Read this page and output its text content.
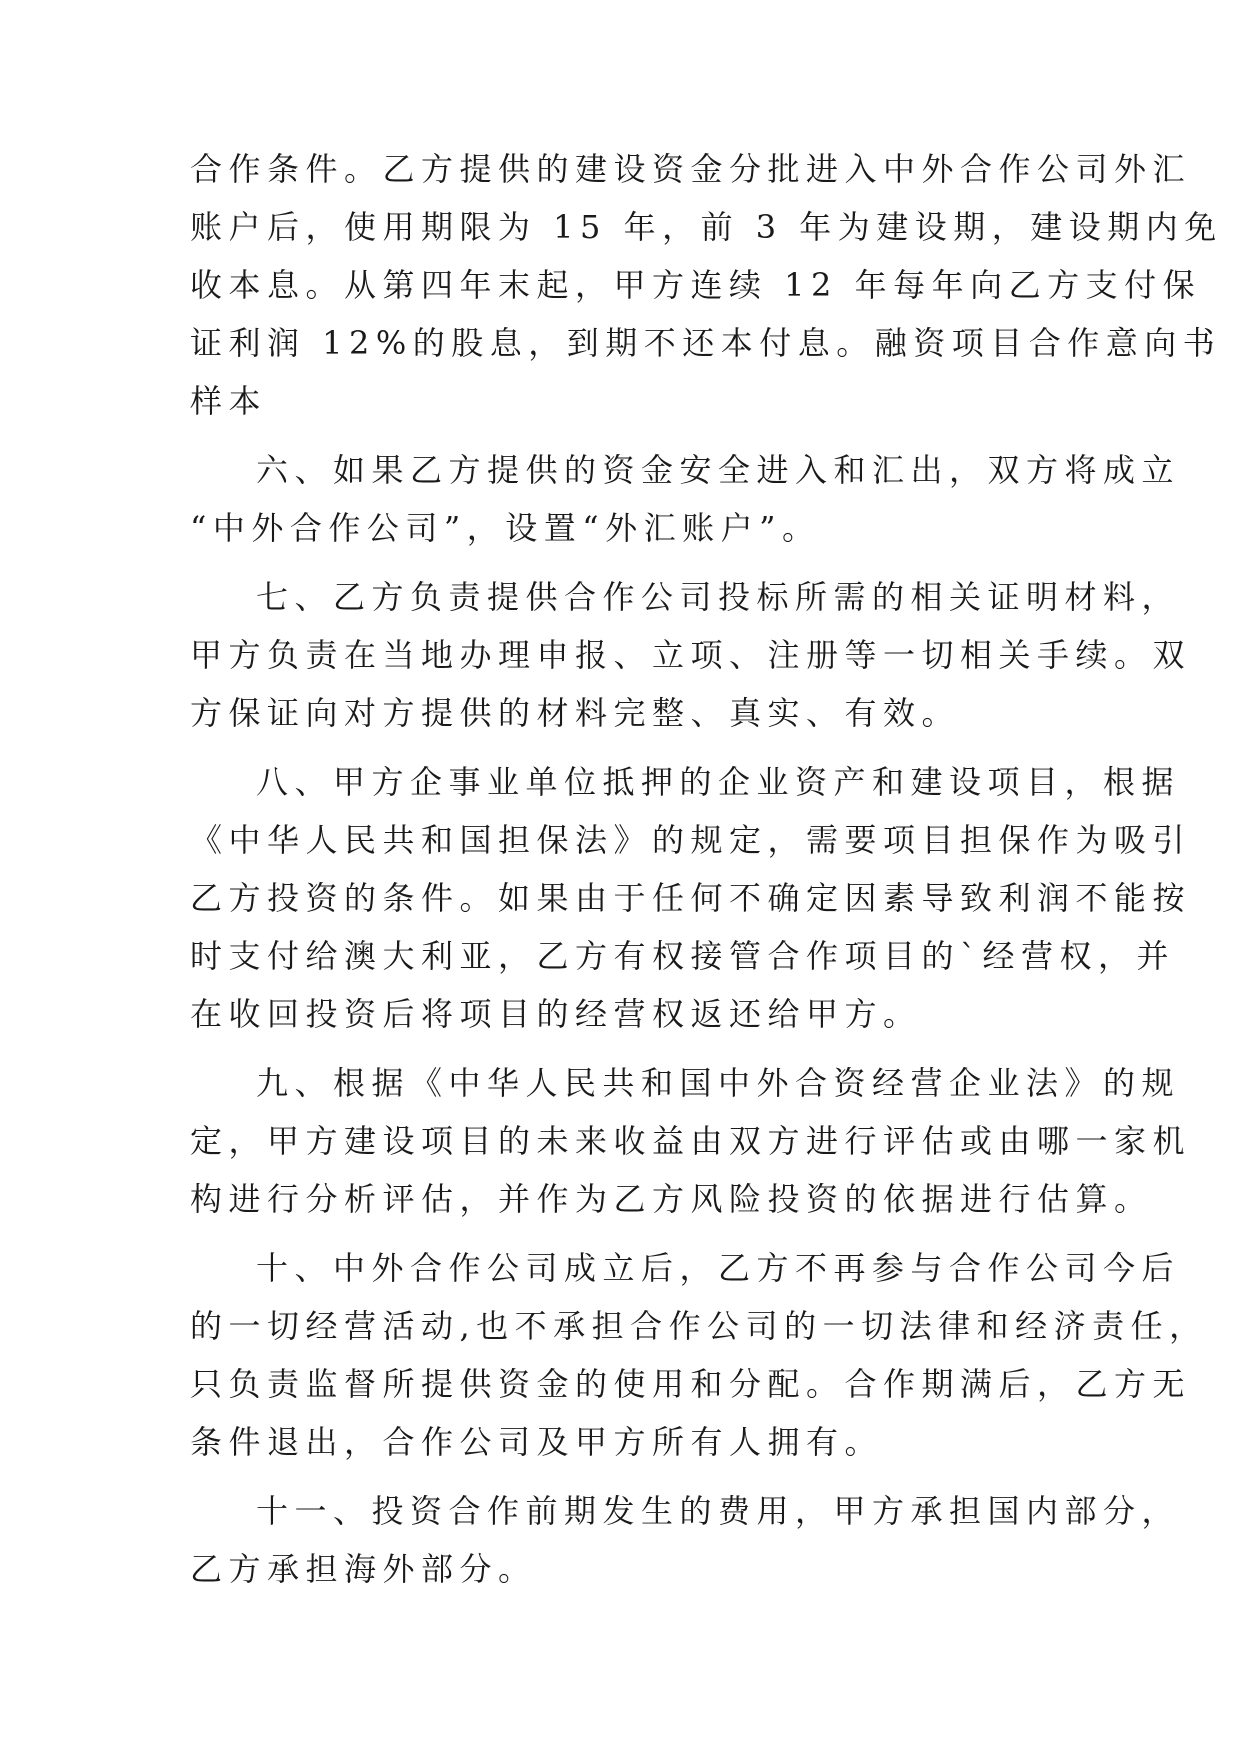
合作条件。乙方提供的建设资金分批进入中外合作公司外汇
账户后，使用期限为 15 年，前 3 年为建设期，建设期内免
收本息。从第四年末起，甲方连续 12 年每年向乙方支付保
证利润 12%的股息，到期不还本付息。融资项目合作意向书
样本
六、如果乙方提供的资金安全进入和汇出，双方将成立
“中外合作公司”，设置“外汇账户”。
七、乙方负责提供合作公司投标所需的相关证明材料，
甲方负责在当地办理申报、立项、注册等一切相关手续。双
方保证向对方提供的材料完整、真实、有效。
八、甲方企事业单位抵押的企业资产和建设项目，根据
《中华人民共和国担保法》的规定，需要项目担保作为吸引
乙方投资的条件。如果由于任何不确定因素导致利润不能按
时支付给澳大利亚，乙方有权接管合作项目的`经营权，并
在收回投资后将项目的经营权返还给甲方。
九、根据《中华人民共和国中外合资经营企业法》的规
定，甲方建设项目的未来收益由双方进行评估或由哪一家机
构进行分析评估，并作为乙方风险投资的依据进行估算。
十、中外合作公司成立后，乙方不再参与合作公司今后
的一切经营活动,也不承担合作公司的一切法律和经济责任，
只负责监督所提供资金的使用和分配。合作期满后，乙方无
条件退出，合作公司及甲方所有人拥有。
十一、投资合作前期发生的费用，甲方承担国内部分，
乙方承担海外部分。
